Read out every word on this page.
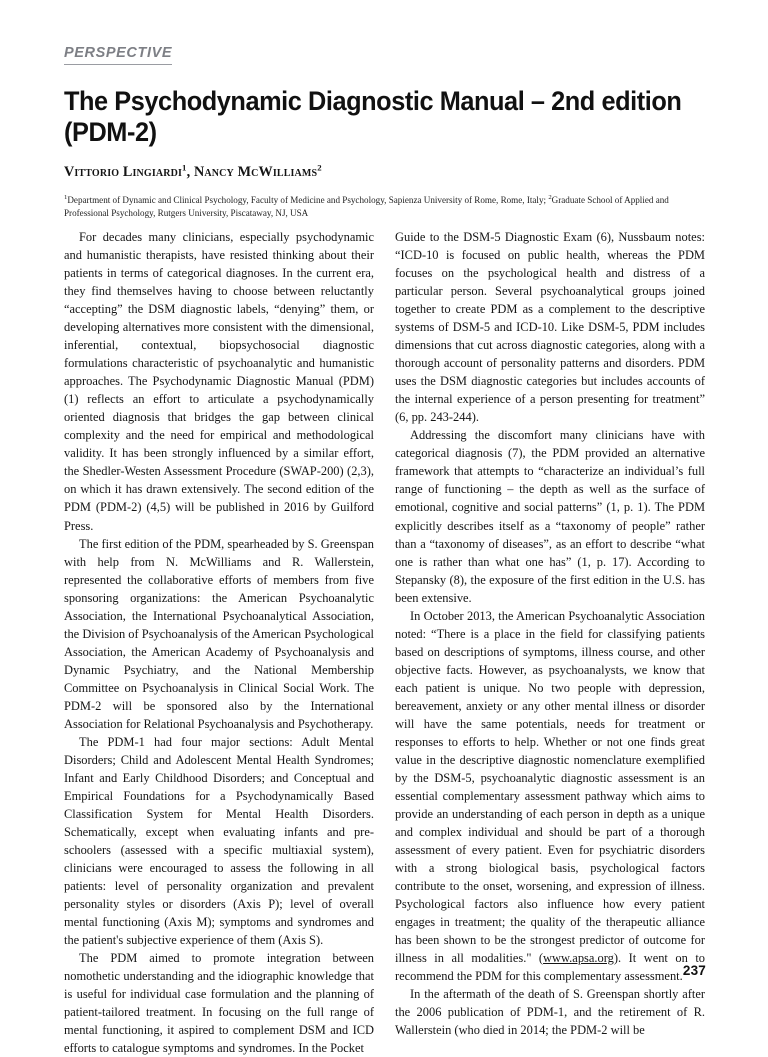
PERSPECTIVE
The Psychodynamic Diagnostic Manual – 2nd edition (PDM-2)
Vittorio Lingiardi$^1$, Nancy McWilliams$^2$
$^1$Department of Dynamic and Clinical Psychology, Faculty of Medicine and Psychology, Sapienza University of Rome, Rome, Italy; $^2$Graduate School of Applied and Professional Psychology, Rutgers University, Piscataway, NJ, USA

For decades many clinicians, especially psychodynamic and humanistic therapists, have resisted thinking about their patients in terms of categorical diagnoses. In the current era, they find themselves having to choose between reluctantly “accepting” the DSM diagnostic labels, “denying” them, or developing alternatives more consistent with the dimensional, inferential, contextual, biopsychosocial diagnostic formulations characteristic of psychoanalytic and humanistic approaches. The Psychodynamic Diagnostic Manual (PDM) (1) reflects an effort to articulate a psychodynamically oriented diagnosis that bridges the gap between clinical complexity and the need for empirical and methodological validity. It has been strongly influenced by a similar effort, the Shedler-Westen Assessment Procedure (SWAP-200) (2,3), on which it has drawn extensively. The second edition of the PDM (PDM-2) (4,5) will be published in 2016 by Guilford Press.

The first edition of the PDM, spearheaded by S. Greenspan with help from N. McWilliams and R. Wallerstein, represented the collaborative efforts of members from five sponsoring organizations: the American Psychoanalytic Association, the International Psychoanalytical Association, the Division of Psychoanalysis of the American Psychological Association, the American Academy of Psychoanalysis and Dynamic Psychiatry, and the National Membership Committee on Psychoanalysis in Clinical Social Work. The PDM-2 will be sponsored also by the International Association for Relational Psychoanalysis and Psychotherapy.

The PDM-1 had four major sections: Adult Mental Disorders; Child and Adolescent Mental Health Syndromes; Infant and Early Childhood Disorders; and Conceptual and Empirical Foundations for a Psychodynamically Based Classification System for Mental Health Disorders. Schematically, except when evaluating infants and pre-schoolers (assessed with a specific multiaxial system), clinicians were encouraged to assess the following in all patients: level of personality organization and prevalent personality styles or disorders (Axis P); level of overall mental functioning (Axis M); symptoms and syndromes and the patient's subjective experience of them (Axis S).

The PDM aimed to promote integration between nomothetic understanding and the idiographic knowledge that is useful for individual case formulation and the planning of patient-tailored treatment. In focusing on the full range of mental functioning, it aspired to complement DSM and ICD efforts to catalogue symptoms and syndromes. In the Pocket

Guide to the DSM-5 Diagnostic Exam (6), Nussbaum notes: “ICD-10 is focused on public health, whereas the PDM focuses on the psychological health and distress of a particular person. Several psychoanalytical groups joined together to create PDM as a complement to the descriptive systems of DSM-5 and ICD-10. Like DSM-5, PDM includes dimensions that cut across diagnostic categories, along with a thorough account of personality patterns and disorders. PDM uses the DSM diagnostic categories but includes accounts of the internal experience of a person presenting for treatment” (6, pp. 243-244).

Addressing the discomfort many clinicians have with categorical diagnosis (7), the PDM provided an alternative framework that attempts to “characterize an individual’s full range of functioning – the depth as well as the surface of emotional, cognitive and social patterns” (1, p. 1). The PDM explicitly describes itself as a “taxonomy of people” rather than a “taxonomy of diseases”, as an effort to describe “what one is rather than what one has” (1, p. 17). According to Stepansky (8), the exposure of the first edition in the U.S. has been extensive.

In October 2013, the American Psychoanalytic Association noted: “There is a place in the field for classifying patients based on descriptions of symptoms, illness course, and other objective facts. However, as psychoanalysts, we know that each patient is unique. No two people with depression, bereavement, anxiety or any other mental illness or disorder will have the same potentials, needs for treatment or responses to efforts to help. Whether or not one finds great value in the descriptive diagnostic nomenclature exemplified by the DSM-5, psychoanalytic diagnostic assessment is an essential complementary assessment pathway which aims to provide an understanding of each person in depth as a unique and complex individual and should be part of a thorough assessment of every patient. Even for psychiatric disorders with a strong biological basis, psychological factors contribute to the onset, worsening, and expression of illness. Psychological factors also influence how every patient engages in treatment; the quality of the therapeutic alliance has been shown to be the strongest predictor of outcome for illness in all modalities." (www.apsa.org). It went on to recommend the PDM for this complementary assessment.

In the aftermath of the death of S. Greenspan shortly after the 2006 publication of PDM-1, and the retirement of R. Wallerstein (who died in 2014; the PDM-2 will be

237
